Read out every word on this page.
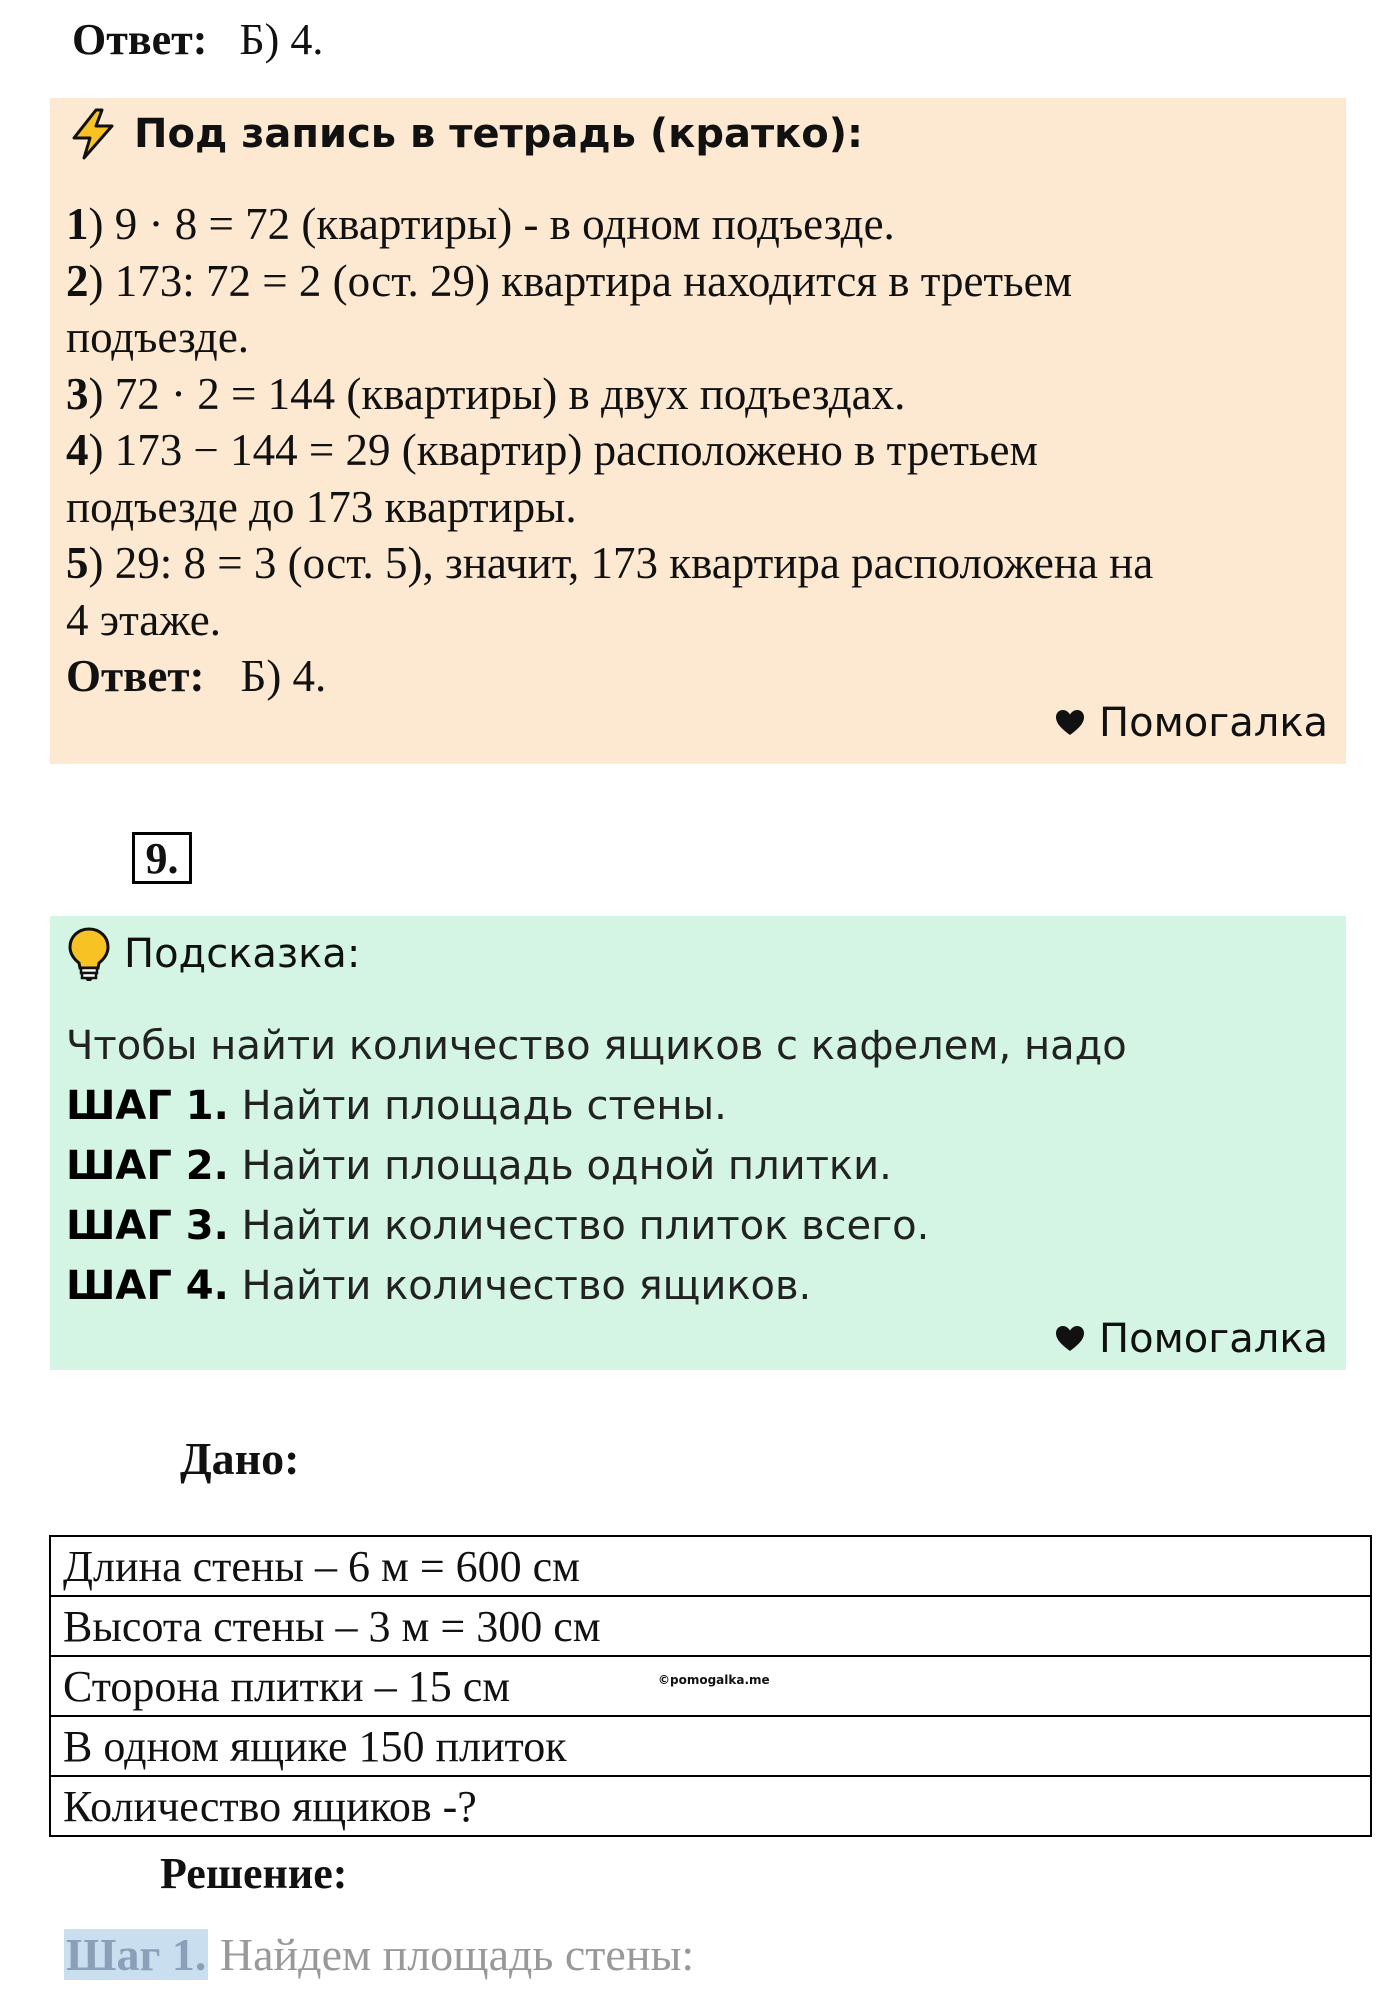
Ответ: Б) 4.
Под запись в тетрадь (кратко):
Помогалка
1) 9 · 8 = 72 (квартиры) - в одном подъезде.
2) 173: 72 = 2 (ост. 29) квартира находится в третьем
подъезде.
3) 72 · 2 = 144 (квартиры) в двух подъездах.
4) 173 − 144 = 29 (квартир) расположено в третьем
подъезде до 173 квартиры.
5) 29: 8 = 3 (ост. 5), значит, 173 квартира расположена на
4 этаже.
Ответ: Б) 4.
9.
Подсказка:
Помогалка
Чтобы найти количество ящиков с кафелем, надо
ШАГ 1. Найти площадь стены.
ШАГ 2. Найти площадь одной плитки.
ШАГ 3. Найти количество плиток всего.
ШАГ 4. Найти количество ящиков.
Дано:
Длина стены – 6 м = 600 см
Высота стены – 3 м = 300 см
Сторона плитки – 15 см
В одном ящике 150 плиток
Количество ящиков -?
©pomogalka.me
Решение:
Шаг 1. Найдем площадь стены:
